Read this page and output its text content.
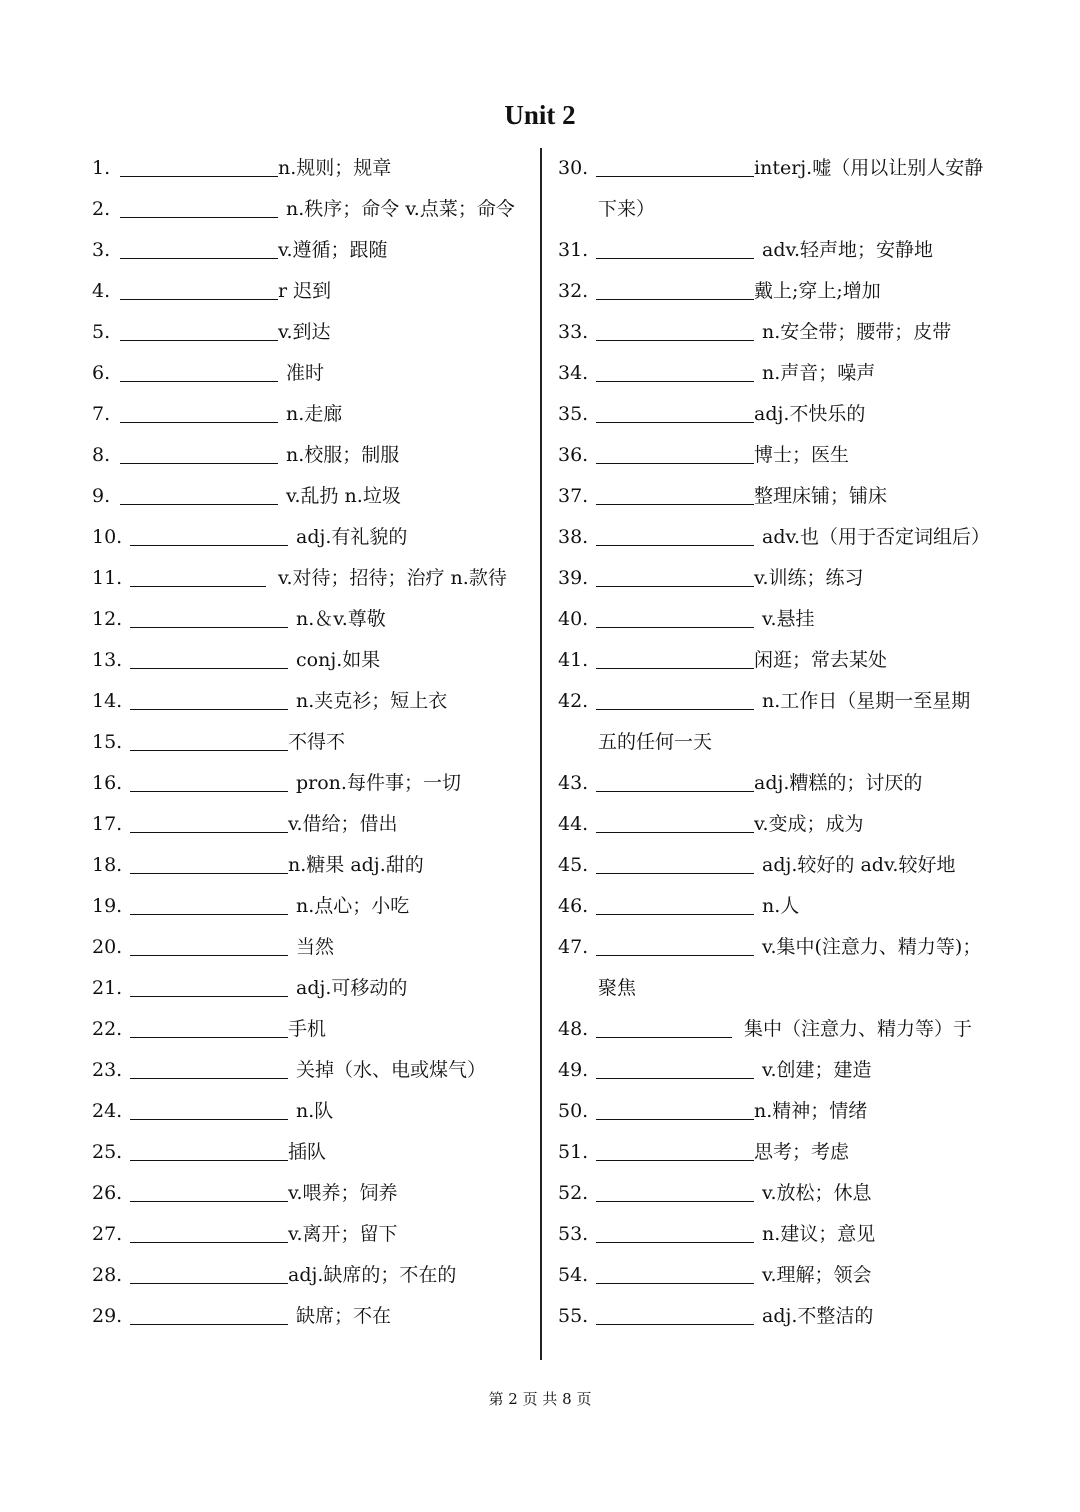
Unit 2
1.	n.规则；规章
2.	n.秩序；命令 v.点菜；命令
3.	v.遵循；跟随
4.	r 迟到
5.	v.到达
6.	准时
7.	n.走廊
8.	n.校服；制服
9.	v.乱扔 n.垃圾
10.	adj.有礼貌的
11.	v.对待；招待；治疗 n.款待
12.	n.＆v.尊敬
13.	conj.如果
14.	n.夹克衫；短上衣
15.	不得不
16.	pron.每件事；一切
17.	v.借给；借出
18.	n.糖果 adj.甜的
19.	n.点心；小吃
20.	当然
21.	adj.可移动的
22.	手机
23.	关掉（水、电或煤气）
24.	n.队
25.	插队
26.	v.喂养；饲养
27.	v.离开；留下
28.	adj.缺席的；不在的
29.	缺席；不在
30.	interj.嘘（用以让别人安静
下来）
31.	adv.轻声地；安静地
32.	戴上;穿上;增加
33.	n.安全带；腰带；皮带
34.	n.声音；噪声
35.	adj.不快乐的
36.	博士；医生
37.	整理床铺；铺床
38.	adv.也（用于否定词组后）
39.	v.训练；练习
40.	v.悬挂
41.	闲逛；常去某处
42.	n.工作日（星期一至星期
五的任何一天
43.	adj.糟糕的；讨厌的
44.	v.变成；成为
45.	adj.较好的 adv.较好地
46.	n.人
47.	v.集中(注意力、精力等)；
聚焦
48.	集中（注意力、精力等）于
49.	v.创建；建造
50.	n.精神；情绪
51.	思考；考虑
52.	v.放松；休息
53.	n.建议；意见
54.	v.理解；领会
55.	adj.不整洁的
第 2 页 共 8 页
